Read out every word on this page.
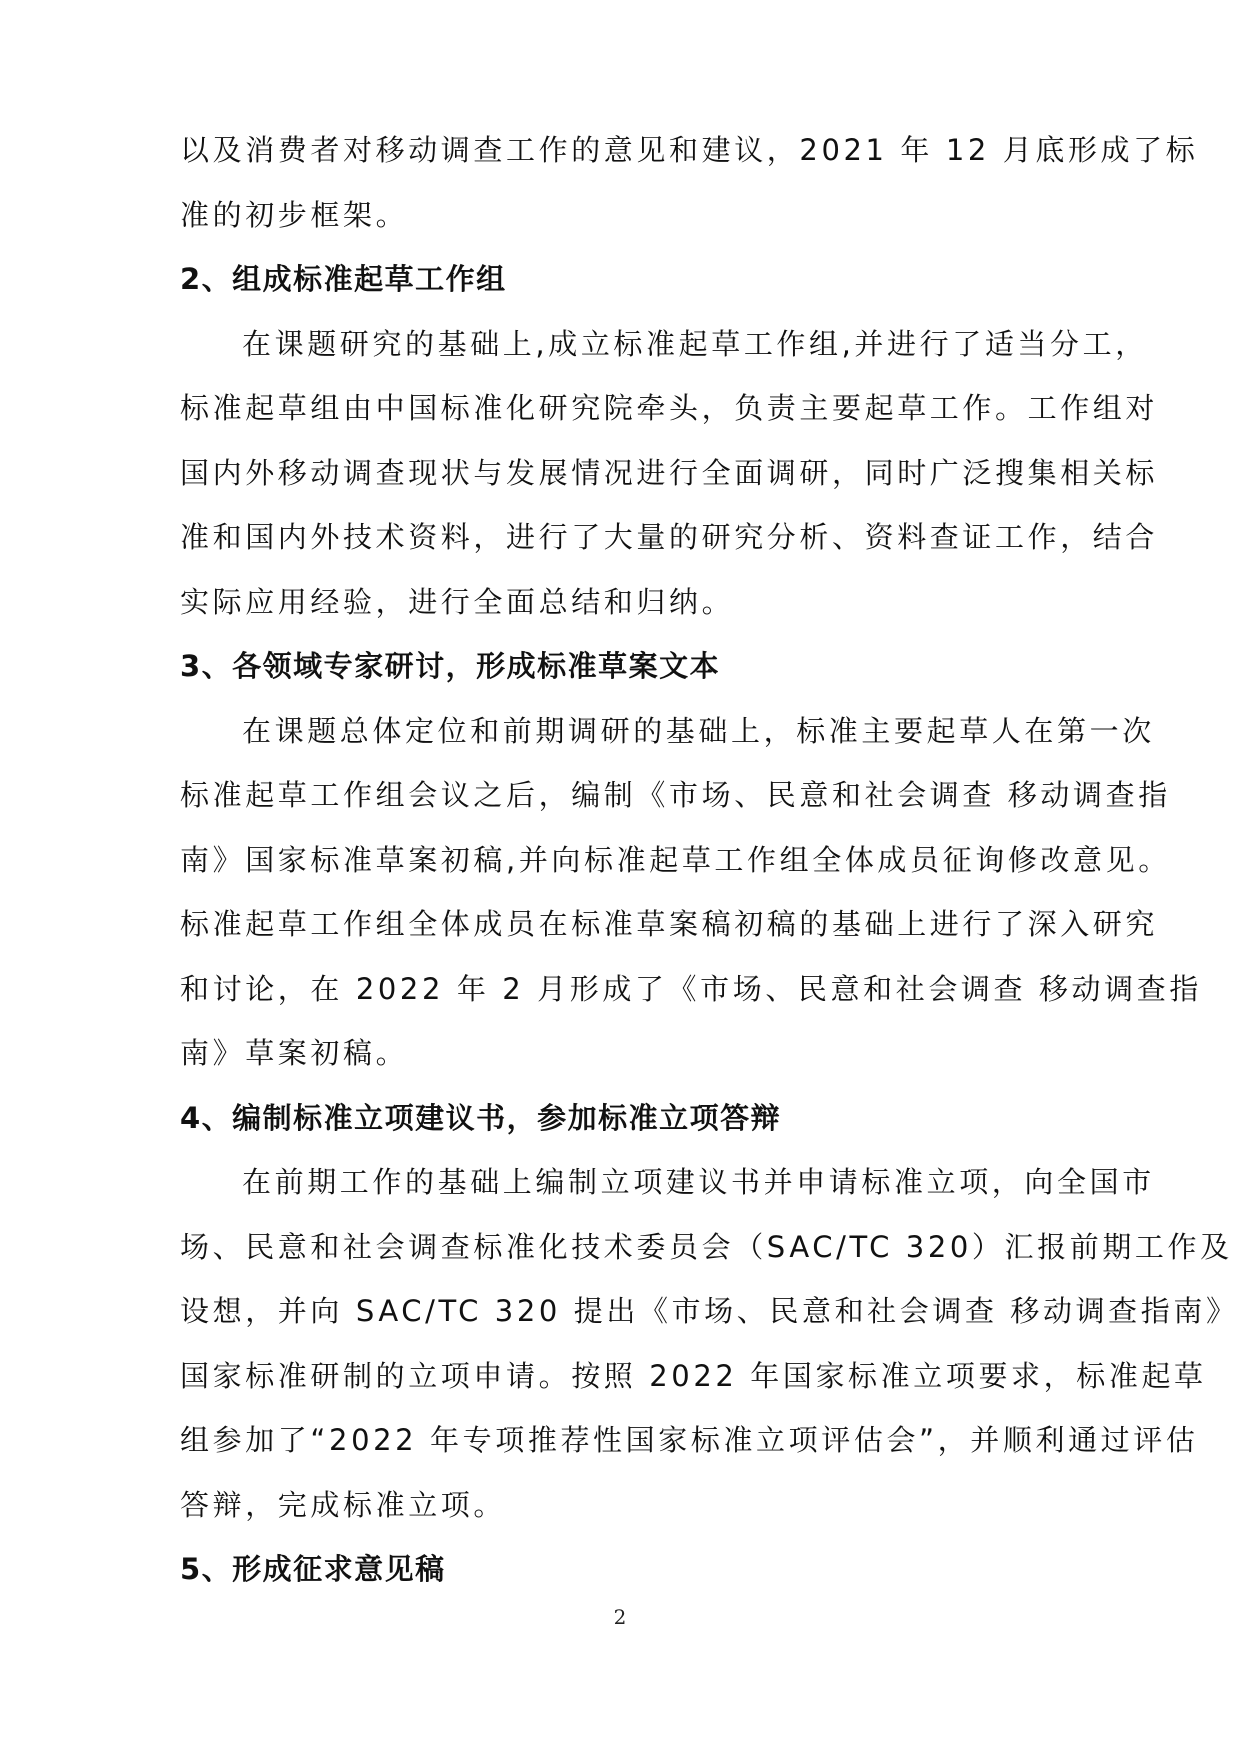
以及消费者对移动调查工作的意见和建议，2021 年 12 月底形成了标
准的初步框架。
2、组成标准起草工作组
在课题研究的基础上,成立标准起草工作组,并进行了适当分工，
标准起草组由中国标准化研究院牵头，负责主要起草工作。工作组对
国内外移动调查现状与发展情况进行全面调研，同时广泛搜集相关标
准和国内外技术资料，进行了大量的研究分析、资料查证工作，结合
实际应用经验，进行全面总结和归纳。
3、各领域专家研讨，形成标准草案文本
在课题总体定位和前期调研的基础上，标准主要起草人在第一次
标准起草工作组会议之后，编制《市场、民意和社会调查 移动调查指
南》国家标准草案初稿,并向标准起草工作组全体成员征询修改意见。
标准起草工作组全体成员在标准草案稿初稿的基础上进行了深入研究
和讨论，在 2022 年 2 月形成了《市场、民意和社会调查 移动调查指
南》草案初稿。
4、编制标准立项建议书，参加标准立项答辩
在前期工作的基础上编制立项建议书并申请标准立项，向全国市
场、民意和社会调查标准化技术委员会（SAC/TC 320）汇报前期工作及
设想，并向 SAC/TC 320 提出《市场、民意和社会调查 移动调查指南》
国家标准研制的立项申请。按照 2022 年国家标准立项要求，标准起草
组参加了“2022 年专项推荐性国家标准立项评估会”，并顺利通过评估
答辩，完成标准立项。
5、形成征求意见稿
2
